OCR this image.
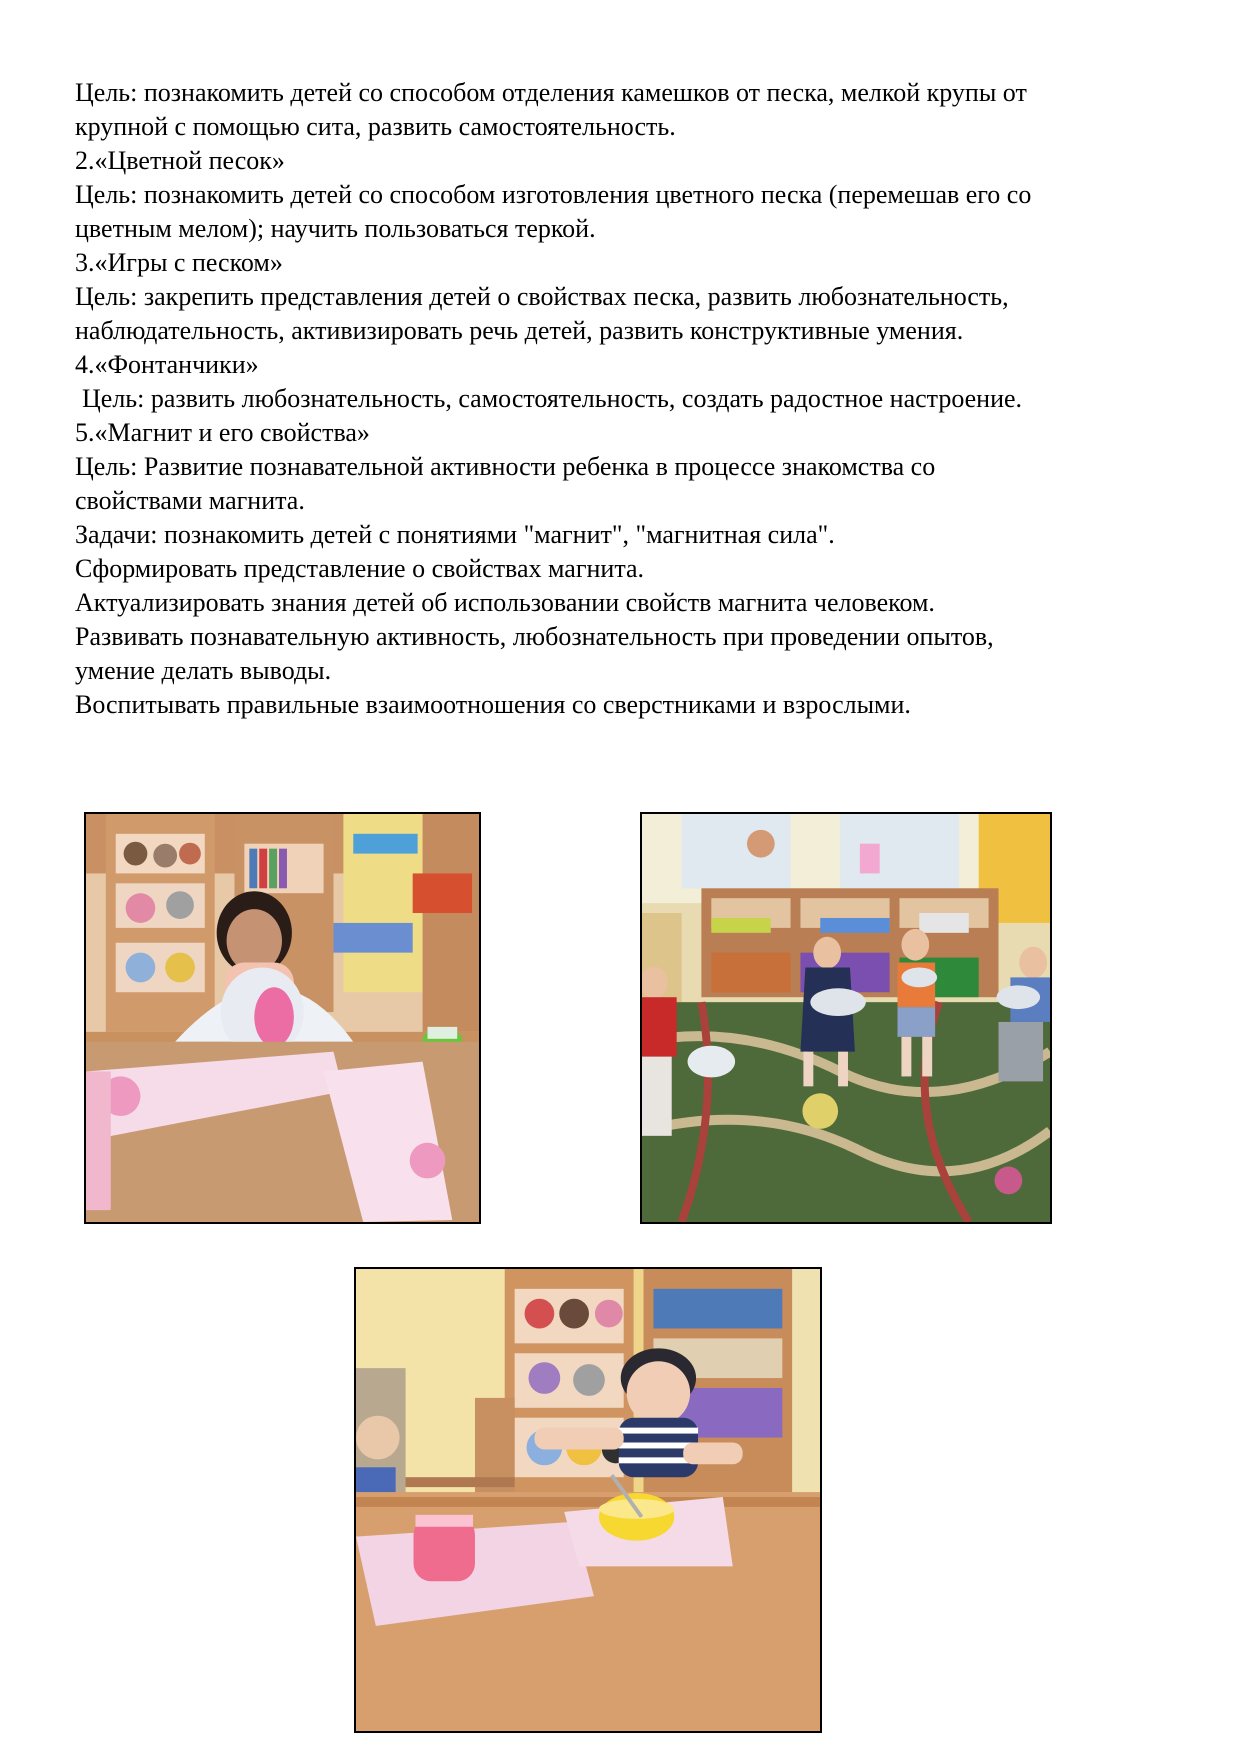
Цель: познакомить детей со способом отделения камешков от песка, мелкой крупы от
крупной с помощью сита, развить самостоятельность.
2.«Цветной песок»
Цель: познакомить детей со способом изготовления цветного песка (перемешав его со
цветным мелом); научить пользоваться теркой.
3.«Игры с песком»
Цель: закрепить представления детей о свойствах песка, развить любознательность,
наблюдательность, активизировать речь детей, развить конструктивные умения.
4.«Фонтанчики»
Цель: развить любознательность, самостоятельность, создать радостное настроение.
5.«Магнит и его свойства»
Цель: Развитие познавательной активности ребенка в процессе знакомства со
свойствами магнита.
Задачи: познакомить детей с понятиями "магнит", "магнитная сила".
Сформировать представление о свойствах магнита.
Актуализировать знания детей об использовании свойств магнита человеком.
Развивать познавательную активность, любознательность при проведении опытов,
умение делать выводы.
Воспитывать правильные взаимоотношения со сверстниками и взрослыми.
